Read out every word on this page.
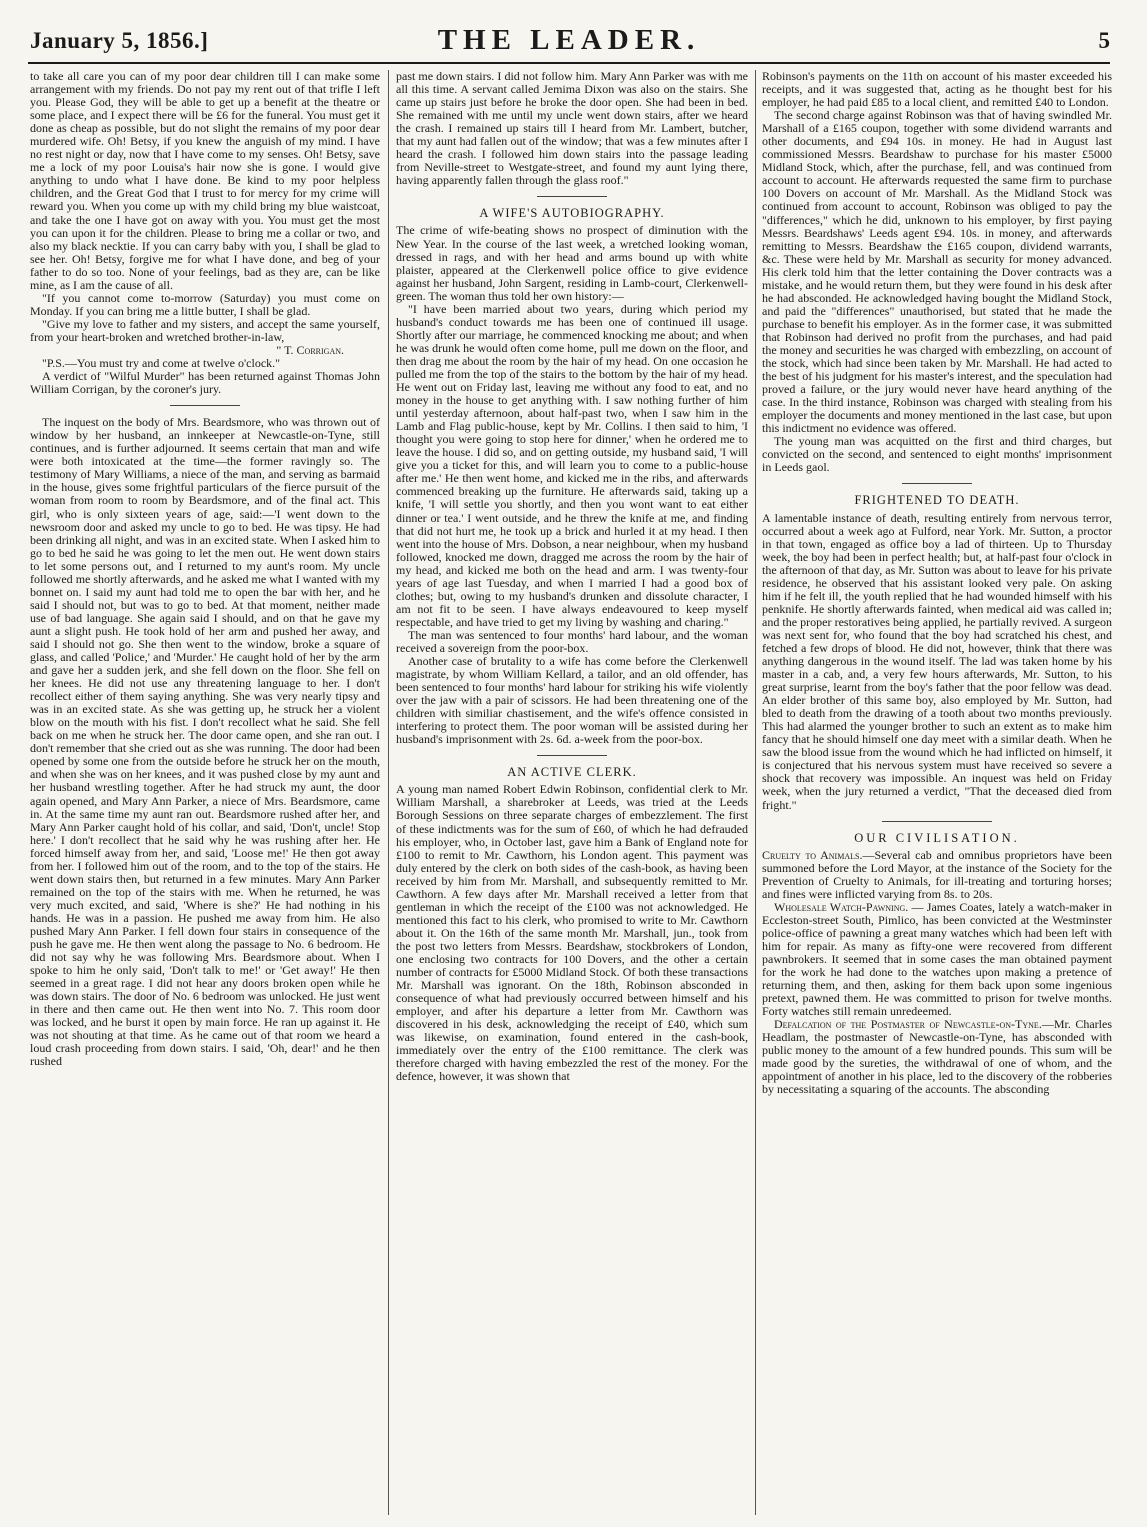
January 5, 1856.]	THE LEADER.	5

to take all care you can of my poor dear children till I can make some arrangement with my friends. Do not pay my rent out of that trifle I left you. Please God, they will be able to get up a benefit at the theatre or some place, and I expect there will be £6 for the funeral. You must get it done as cheap as possible, but do not slight the remains of my poor dear murdered wife. Oh! Betsy, if you knew the anguish of my mind. I have no rest night or day, now that I have come to my senses. Oh! Betsy, save me a lock of my poor Louisa's hair now she is gone. I would give anything to undo what I have done. Be kind to my poor helpless children, and the Great God that I trust to for mercy for my crime will reward you. When you come up with my child bring my blue waistcoat, and take the one I have got on away with you. You must get the most you can upon it for the children. Please to bring me a collar or two, and also my black necktie. If you can carry baby with you, I shall be glad to see her. Oh! Betsy, forgive me for what I have done, and beg of your father to do so too. None of your feelings, bad as they are, can be like mine, as I am the cause of all.

"If you cannot come to-morrow (Saturday) you must come on Monday. If you can bring me a little butter, I shall be glad.

"Give my love to father and my sisters, and accept the same yourself, from your heart-broken and wretched brother-in-law,

" T. Corrigan.

"P.S.—You must try and come at twelve o'clock."

A verdict of "Wilful Murder" has been returned against Thomas John William Corrigan, by the coroner's jury.

The inquest on the body of Mrs. Beardsmore, who was thrown out of window by her husband, an innkeeper at Newcastle-on-Tyne, still continues, and is further adjourned. It seems certain that man and wife were both intoxicated at the time—the former ravingly so. The testimony of Mary Williams, a niece of the man, and serving as barmaid in the house, gives some frightful particulars of the fierce pursuit of the woman from room to room by Beardsmore, and of the final act. This girl, who is only sixteen years of age, said:—'I went down to the newsroom door and asked my uncle to go to bed. He was tipsy. He had been drinking all night, and was in an excited state. When I asked him to go to bed he said he was going to let the men out. He went down stairs to let some persons out, and I returned to my aunt's room. My uncle followed me shortly afterwards, and he asked me what I wanted with my bonnet on. I said my aunt had told me to open the bar with her, and he said I should not, but was to go to bed. At that moment, neither made use of bad language. She again said I should, and on that he gave my aunt a slight push. He took hold of her arm and pushed her away, and said I should not go. She then went to the window, broke a square of glass, and called 'Police,' and 'Murder.' He caught hold of her by the arm and gave her a sudden jerk, and she fell down on the floor. She fell on her knees. He did not use any threatening language to her. I don't recollect either of them saying anything. She was very nearly tipsy and was in an excited state. As she was getting up, he struck her a violent blow on the mouth with his fist. I don't recollect what he said. She fell back on me when he struck her. The door came open, and she ran out. I don't remember that she cried out as she was running. The door had been opened by some one from the outside before he struck her on the mouth, and when she was on her knees, and it was pushed close by my aunt and her husband wrestling together. After he had struck my aunt, the door again opened, and Mary Ann Parker, a niece of Mrs. Beardsmore, came in. At the same time my aunt ran out. Beardsmore rushed after her, and Mary Ann Parker caught hold of his collar, and said, 'Don't, uncle! Stop here.' I don't recollect that he said why he was rushing after her. He forced himself away from her, and said, 'Loose me!' He then got away from her. I followed him out of the room, and to the top of the stairs. He went down stairs then, but returned in a few minutes. Mary Ann Parker remained on the top of the stairs with me. When he returned, he was very much excited, and said, 'Where is she?' He had nothing in his hands. He was in a passion. He pushed me away from him. He also pushed Mary Ann Parker. I fell down four stairs in consequence of the push he gave me. He then went along the passage to No. 6 bedroom. He did not say why he was following Mrs. Beardsmore about. When I spoke to him he only said, 'Don't talk to me!' or 'Get away!' He then seemed in a great rage. I did not hear any doors broken open while he was down stairs. The door of No. 6 bedroom was unlocked. He just went in there and then came out. He then went into No. 7. This room door was locked, and he burst it open by main force. He ran up against it. He was not shouting at that time. As he came out of that room we heard a loud crash proceeding from down stairs. I said, 'Oh, dear!' and he then rushed

past me down stairs. I did not follow him. Mary Ann Parker was with me all this time. A servant called Jemima Dixon was also on the stairs. She came up stairs just before he broke the door open. She had been in bed. She remained with me until my uncle went down stairs, after we heard the crash. I remained up stairs till I heard from Mr. Lambert, butcher, that my aunt had fallen out of the window; that was a few minutes after I heard the crash. I followed him down stairs into the passage leading from Neville-street to Westgate-street, and found my aunt lying there, having apparently fallen through the glass roof."

A WIFE'S AUTOBIOGRAPHY.

The crime of wife-beating shows no prospect of diminution with the New Year. In the course of the last week, a wretched looking woman, dressed in rags, and with her head and arms bound up with white plaister, appeared at the Clerkenwell police office to give evidence against her husband, John Sargent, residing in Lamb-court, Clerkenwell-green. The woman thus told her own history:—

"I have been married about two years, during which period my husband's conduct towards me has been one of continued ill usage. Shortly after our marriage, he commenced knocking me about; and when he was drunk he would often come home, pull me down on the floor, and then drag me about the room by the hair of my head. On one occasion he pulled me from the top of the stairs to the bottom by the hair of my head. He went out on Friday last, leaving me without any food to eat, and no money in the house to get anything with. I saw nothing further of him until yesterday afternoon, about half-past two, when I saw him in the Lamb and Flag public-house, kept by Mr. Collins. I then said to him, 'I thought you were going to stop here for dinner,' when he ordered me to leave the house. I did so, and on getting outside, my husband said, 'I will give you a ticket for this, and will learn you to come to a public-house after me.' He then went home, and kicked me in the ribs, and afterwards commenced breaking up the furniture. He afterwards said, taking up a knife, 'I will settle you shortly, and then you wont want to eat either dinner or tea.' I went outside, and he threw the knife at me, and finding that did not hurt me, he took up a brick and hurled it at my head. I then went into the house of Mrs. Dobson, a near neighbour, when my husband followed, knocked me down, dragged me across the room by the hair of my head, and kicked me both on the head and arm. I was twenty-four years of age last Tuesday, and when I married I had a good box of clothes; but, owing to my husband's drunken and dissolute character, I am not fit to be seen. I have always endeavoured to keep myself respectable, and have tried to get my living by washing and charing."

The man was sentenced to four months' hard labour, and the woman received a sovereign from the poor-box.

Another case of brutality to a wife has come before the Clerkenwell magistrate, by whom William Kellard, a tailor, and an old offender, has been sentenced to four months' hard labour for striking his wife violently over the jaw with a pair of scissors. He had been threatening one of the children with similiar chastisement, and the wife's offence consisted in interfering to protect them. The poor woman will be assisted during her husband's imprisonment with 2s. 6d. a-week from the poor-box.

AN ACTIVE CLERK.

A young man named Robert Edwin Robinson, confidential clerk to Mr. William Marshall, a sharebroker at Leeds, was tried at the Leeds Borough Sessions on three separate charges of embezzlement. The first of these indictments was for the sum of £60, of which he had defrauded his employer, who, in October last, gave him a Bank of England note for £100 to remit to Mr. Cawthorn, his London agent. This payment was duly entered by the clerk on both sides of the cash-book, as having been received by him from Mr. Marshall, and subsequently remitted to Mr. Cawthorn. A few days after Mr. Marshall received a letter from that gentleman in which the receipt of the £100 was not acknowledged. He mentioned this fact to his clerk, who promised to write to Mr. Cawthorn about it. On the 16th of the same month Mr. Marshall, jun., took from the post two letters from Messrs. Beardshaw, stockbrokers of London, one enclosing two contracts for 100 Dovers, and the other a certain number of contracts for £5000 Midland Stock. Of both these transactions Mr. Marshall was ignorant. On the 18th, Robinson absconded in consequence of what had previously occurred between himself and his employer, and after his departure a letter from Mr. Cawthorn was discovered in his desk, acknowledging the receipt of £40, which sum was likewise, on examination, found entered in the cash-book, immediately over the entry of the £100 remittance. The clerk was therefore charged with having embezzled the rest of the money. For the defence, however, it was shown that

Robinson's payments on the 11th on account of his master exceeded his receipts, and it was suggested that, acting as he thought best for his employer, he had paid £85 to a local client, and remitted £40 to London.

The second charge against Robinson was that of having swindled Mr. Marshall of a £165 coupon, together with some dividend warrants and other documents, and £94 10s. in money. He had in August last commissioned Messrs. Beardshaw to purchase for his master £5000 Midland Stock, which, after the purchase, fell, and was continued from account to account. He afterwards requested the same firm to purchase 100 Dovers on account of Mr. Marshall. As the Midland Stock was continued from account to account, Robinson was obliged to pay the "differences," which he did, unknown to his employer, by first paying Messrs. Beardshaws' Leeds agent £94. 10s. in money, and afterwards remitting to Messrs. Beardshaw the £165 coupon, dividend warrants, &c. These were held by Mr. Marshall as security for money advanced. His clerk told him that the letter containing the Dover contracts was a mistake, and he would return them, but they were found in his desk after he had absconded. He acknowledged having bought the Midland Stock, and paid the "differences" unauthorised, but stated that he made the purchase to benefit his employer. As in the former case, it was submitted that Robinson had derived no profit from the purchases, and had paid the money and securities he was charged with embezzling, on account of the stock, which had since been taken by Mr. Marshall. He had acted to the best of his judgment for his master's interest, and the speculation had proved a failure, or the jury would never have heard anything of the case. In the third instance, Robinson was charged with stealing from his employer the documents and money mentioned in the last case, but upon this indictment no evidence was offered.

The young man was acquitted on the first and third charges, but convicted on the second, and sentenced to eight months' imprisonment in Leeds gaol.

FRIGHTENED TO DEATH.

A lamentable instance of death, resulting entirely from nervous terror, occurred about a week ago at Fulford, near York. Mr. Sutton, a proctor in that town, engaged as office boy a lad of thirteen. Up to Thursday week, the boy had been in perfect health; but, at half-past four o'clock in the afternoon of that day, as Mr. Sutton was about to leave for his private residence, he observed that his assistant looked very pale. On asking him if he felt ill, the youth replied that he had wounded himself with his penknife. He shortly afterwards fainted, when medical aid was called in; and the proper restoratives being applied, he partially revived. A surgeon was next sent for, who found that the boy had scratched his chest, and fetched a few drops of blood. He did not, however, think that there was anything dangerous in the wound itself. The lad was taken home by his master in a cab, and, a very few hours afterwards, Mr. Sutton, to his great surprise, learnt from the boy's father that the poor fellow was dead. An elder brother of this same boy, also employed by Mr. Sutton, had bled to death from the drawing of a tooth about two months previously. This had alarmed the younger brother to such an extent as to make him fancy that he should himself one day meet with a similar death. When he saw the blood issue from the wound which he had inflicted on himself, it is conjectured that his nervous system must have received so severe a shock that recovery was impossible. An inquest was held on Friday week, when the jury returned a verdict, "That the deceased died from fright."

OUR CIVILISATION.

Cruelty to Animals.—Several cab and omnibus proprietors have been summoned before the Lord Mayor, at the instance of the Society for the Prevention of Cruelty to Animals, for ill-treating and torturing horses; and fines were inflicted varying from 8s. to 20s.

Wholesale Watch-Pawning. — James Coates, lately a watch-maker in Eccleston-street South, Pimlico, has been convicted at the Westminster police-office of pawning a great many watches which had been left with him for repair. As many as fifty-one were recovered from different pawnbrokers. It seemed that in some cases the man obtained payment for the work he had done to the watches upon making a pretence of returning them, and then, asking for them back upon some ingenious pretext, pawned them. He was committed to prison for twelve months. Forty watches still remain unredeemed.

Defalcation of the Postmaster of Newcastle-on-Tyne.—Mr. Charles Headlam, the postmaster of Newcastle-on-Tyne, has absconded with public money to the amount of a few hundred pounds. This sum will be made good by the sureties, the withdrawal of one of whom, and the appointment of another in his place, led to the discovery of the robberies by necessitating a squaring of the accounts. The absconding
